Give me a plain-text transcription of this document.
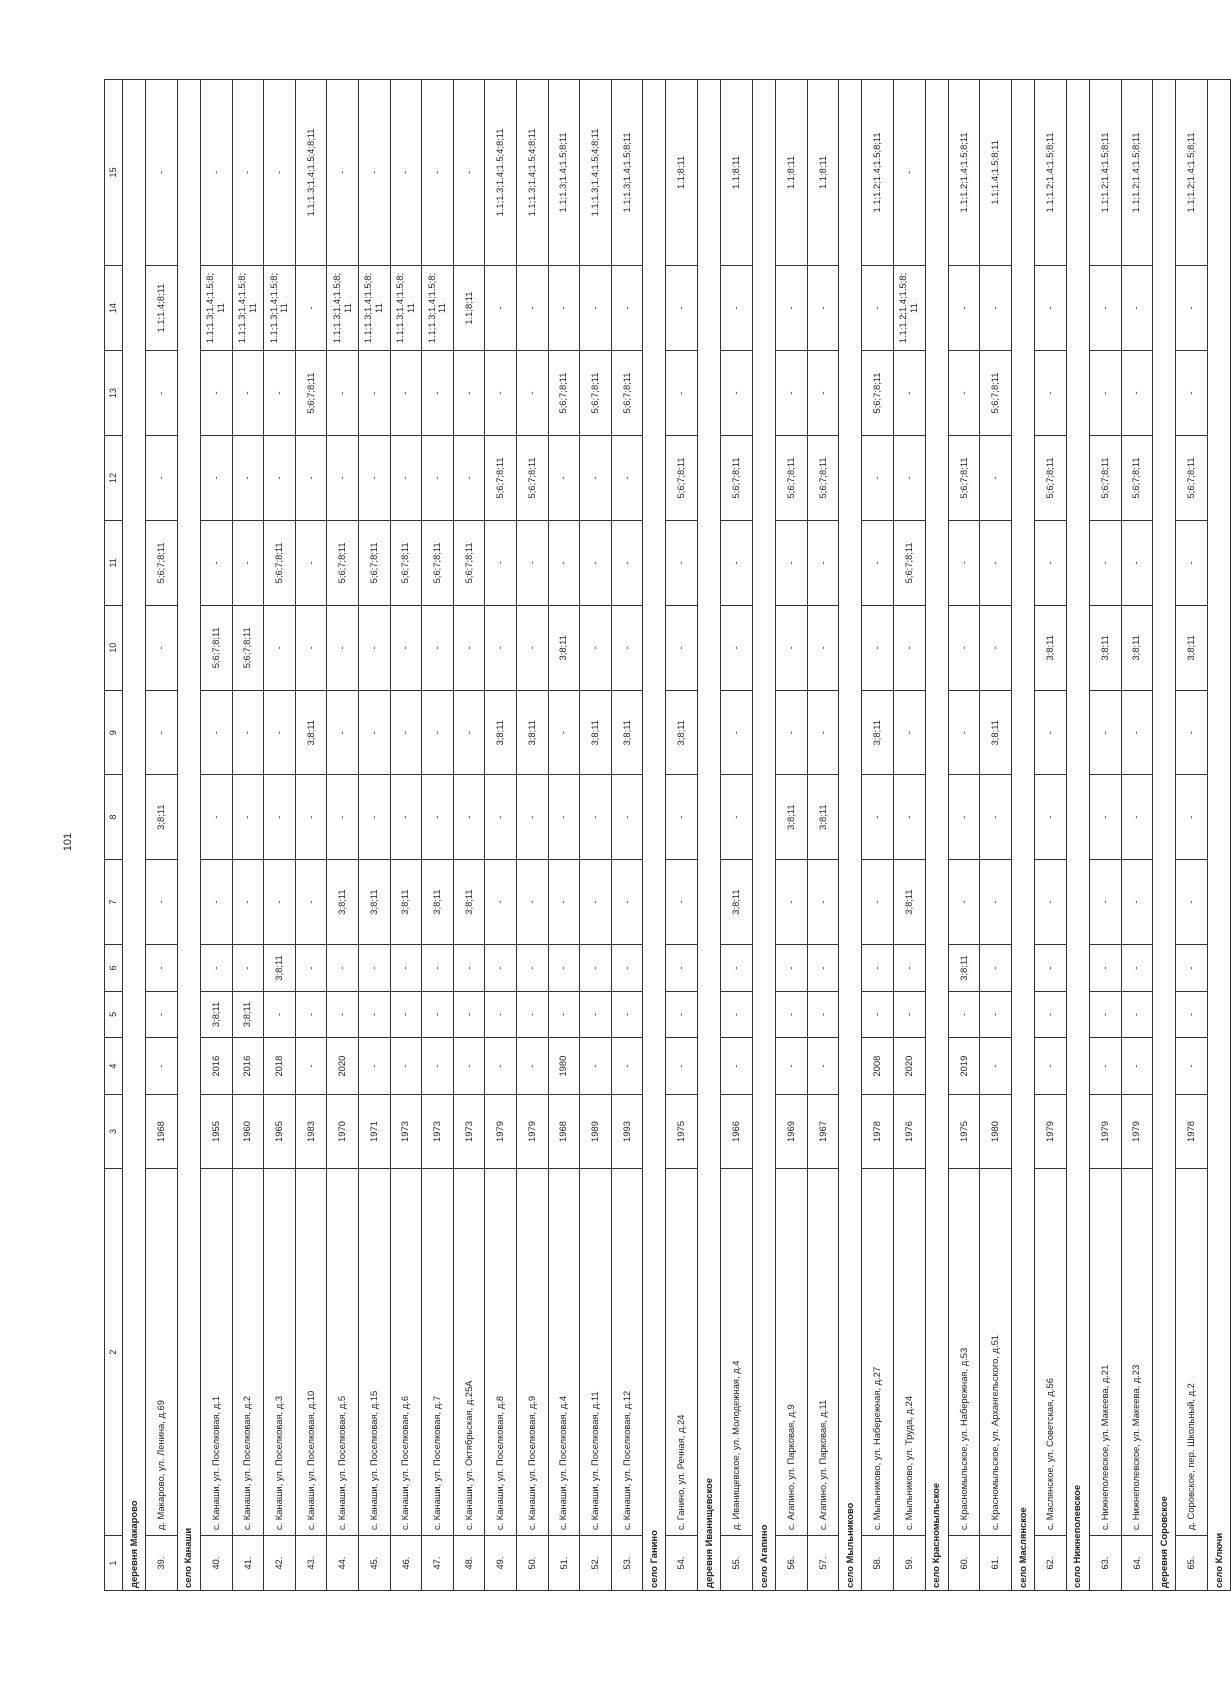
101
1	2	3	4	5	6	7	8	9	10	11	12	13	14	15
деревня Макарово														
39.	д. Макарово, ул. Ленина, д.69	1968	-	-	-	-	3;8;11	-	-	5;6;7;8;11	-	-	1.1;1.4;8;11	-
село Канаши														
40.	с. Канаши, ул. Поселковая, д.1	1955	2016	3;8;11	-	-	-	-	5;6;7;8;11	-	-	-	1.1;1.3;1.4;1.5;8; 11	-
41.	с. Канаши, ул. Поселковая, д.2	1960	2016	3;8;11	-	-	-	-	5;6;7;8;11	-	-	-	1.1;1.3;1.4;1.5;8; 11	-
42.	с. Канаши, ул. Поселковая, д.3	1965	2018	-	3;8;11	-	-	-	-	5;6;7;8;11	-	-	1.1;1.3;1.4;1.5;8; 11	-
43.	с. Канаши, ул. Поселковая, д.10	1983	-	-	-	-	-	3;8;11	-	-	-	5;6;7;8;11	-	1.1;1.3;1.4;1.5;4;8;11
44.	с. Канаши, ул. Поселковая, д.5	1970	2020	-	-	3;8;11	-	-	-	5;6;7;8;11	-	-	1.1;1.3;1.4;1.5;8; 11	-
45.	с. Канаши, ул. Поселковая, д.15	1971	-	-	-	3;8;11	-	-	-	5;6;7;8;11	-	-	1.1;1.3;1.4;1.5;8; 11	-
46.	с. Канаши, ул. Поселковая, д.6	1973	-	-	-	3;8;11	-	-	-	5;6;7;8;11	-	-	1.1;1.3;1.4;1.5;8; 11	-
47.	с. Канаши, ул. Поселковая, д.7	1973	-	-	-	3;8;11	-	-	-	5;6;7;8;11	-	-	1.1;1.3;1.4;1.5;8; 11	-
48.	с. Канаши, ул. Октябрьская, д.25А	1973	-	-	-	3;8;11	-	-	-	5;6;7;8;11	-	-	1.1;8;11	-
49.	с. Канаши, ул. Поселковая, д.8	1979	-	-	-	-	-	3;8;11	-	-	5;6;7;8;11	-	-	1.1;1.3;1.4;1.5;4;8;11
50.	с. Канаши, ул. Поселковая, д.9	1979	-	-	-	-	-	3;8;11	-	-	5;6;7;8;11	-	-	1.1;1.3;1.4;1.5;4;8;11
51.	с. Канаши, ул. Поселковая, д.4	1968	1980	-	-	-	-	-	3;8;11	-	-	5;6;7;8;11	-	1.1;1.3;1.4;1.5;8;11
52.	с. Канаши, ул. Поселковая, д.11	1989	-	-	-	-	-	3;8;11	-	-	-	5;6;7;8;11	-	1.1;1.3;1.4;1.5;4;8;11
53.	с. Канаши, ул. Поселковая, д.12	1993	-	-	-	-	-	3;8;11	-	-	-	5;6;7;8;11	-	1.1;1.3;1.4;1.5;8;11
село Ганино														
54.	с. Ганино, ул. Речная, д.24	1975	-	-	-	-	-	3;8;11	-	-	5;6;7;8;11	-	-	1.1;8;11
деревня Иванищевское														
55.	д. Иванищевское, ул. Молодежная, д.4	1966	-	-	-	3;8;11	-	-	-	-	5;6;7;8;11	-	-	1.1;8;11
село Агапино														
56.	с. Агапино, ул. Парковая, д.9	1969	-	-	-	-	3;8;11	-	-	-	5;6;7;8;11	-	-	1.1;8;11
57.	с. Агапино, ул. Парковая, д.11	1967	-	-	-	-	3;8;11	-	-	-	5;6;7;8;11	-	-	1.1;8;11
село Мыльниково														
58.	с. Мыльниково, ул. Набережная, д.27	1978	2008	-	-	-	-	3;8;11	-	-	-	5;6;7;8;11	-	1.1;1.2;1.4;1.5;8;11
59.	с. Мыльниково, ул. Труда, д.24	1976	2020	-	-	3;8;11	-	-	-	5;6;7;8;11	-	-	1.1;1.2;1.4;1.5;8; 11	-
село Красномыльское														
60.	с. Красномыльское, ул. Набережная, д.53	1975	2019	-	3;8;11	-	-	-	-	-	5;6;7;8;11	-	-	1.1;1.2;1.4;1.5;8;11
61.	с. Красномыльское, ул. Архангельского, д.51	1980	-	-	-	-	-	3;8;11	-	-	-	5;6;7;8;11	-	1.1;1.4;1.5;8;11
село Маслянское														
62.	с. Маслянское, ул. Советская, д.56	1979	-	-	-	-	-	-	3;8;11	-	5;6;7;8;11	-	-	1.1;1.2;1.4;1.5;8;11
село Нижнеполевское														
63.	с. Нижнеполевское, ул. Макеева, д.21	1979	-	-	-	-	-	-	3;8;11	-	5;6;7;8;11	-	-	1.1;1.2;1.4;1.5;8;11
64.	с. Нижнеполевское, ул. Макеева, д.23	1979	-	-	-	-	-	-	3;8;11	-	5;6;7;8;11	-	-	1.1;1.2;1.4;1.5;8;11
деревня Соровское														
65.	д. Соровское, пер. Школьный, д.2	1978	-	-	-	-	-	-	3;8;11	-	5;6;7;8;11	-	-	1.1;1.2;1.4;1.5;8;11
село Ключи														
